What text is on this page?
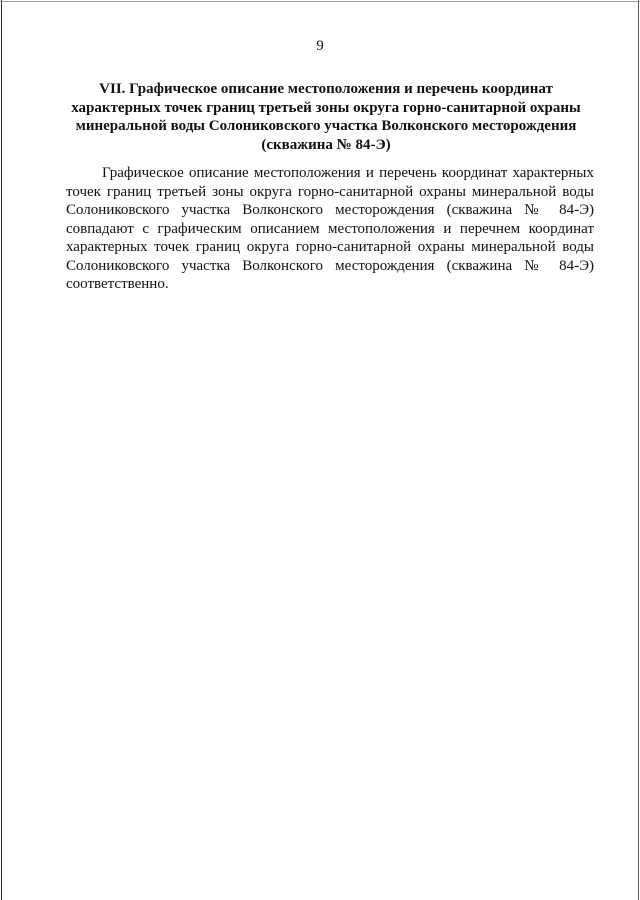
9
VII. Графическое описание местоположения и перечень координат
характерных точек границ третьей зоны округа горно-санитарной охраны
минеральной воды Солониковского участка Волконского месторождения
(скважина № 84-Э)

Графическое описание местоположения и перечень координат характерных
точек границ третьей зоны округа горно-санитарной охраны минеральной воды
Солониковского участка Волконского месторождения (скважина № 84-Э)
совпадают с графическим описанием местоположения и перечнем координат
характерных точек границ округа горно-санитарной охраны минеральной воды
Солониковского участка Волконского месторождения (скважина № 84-Э)
соответственно.
